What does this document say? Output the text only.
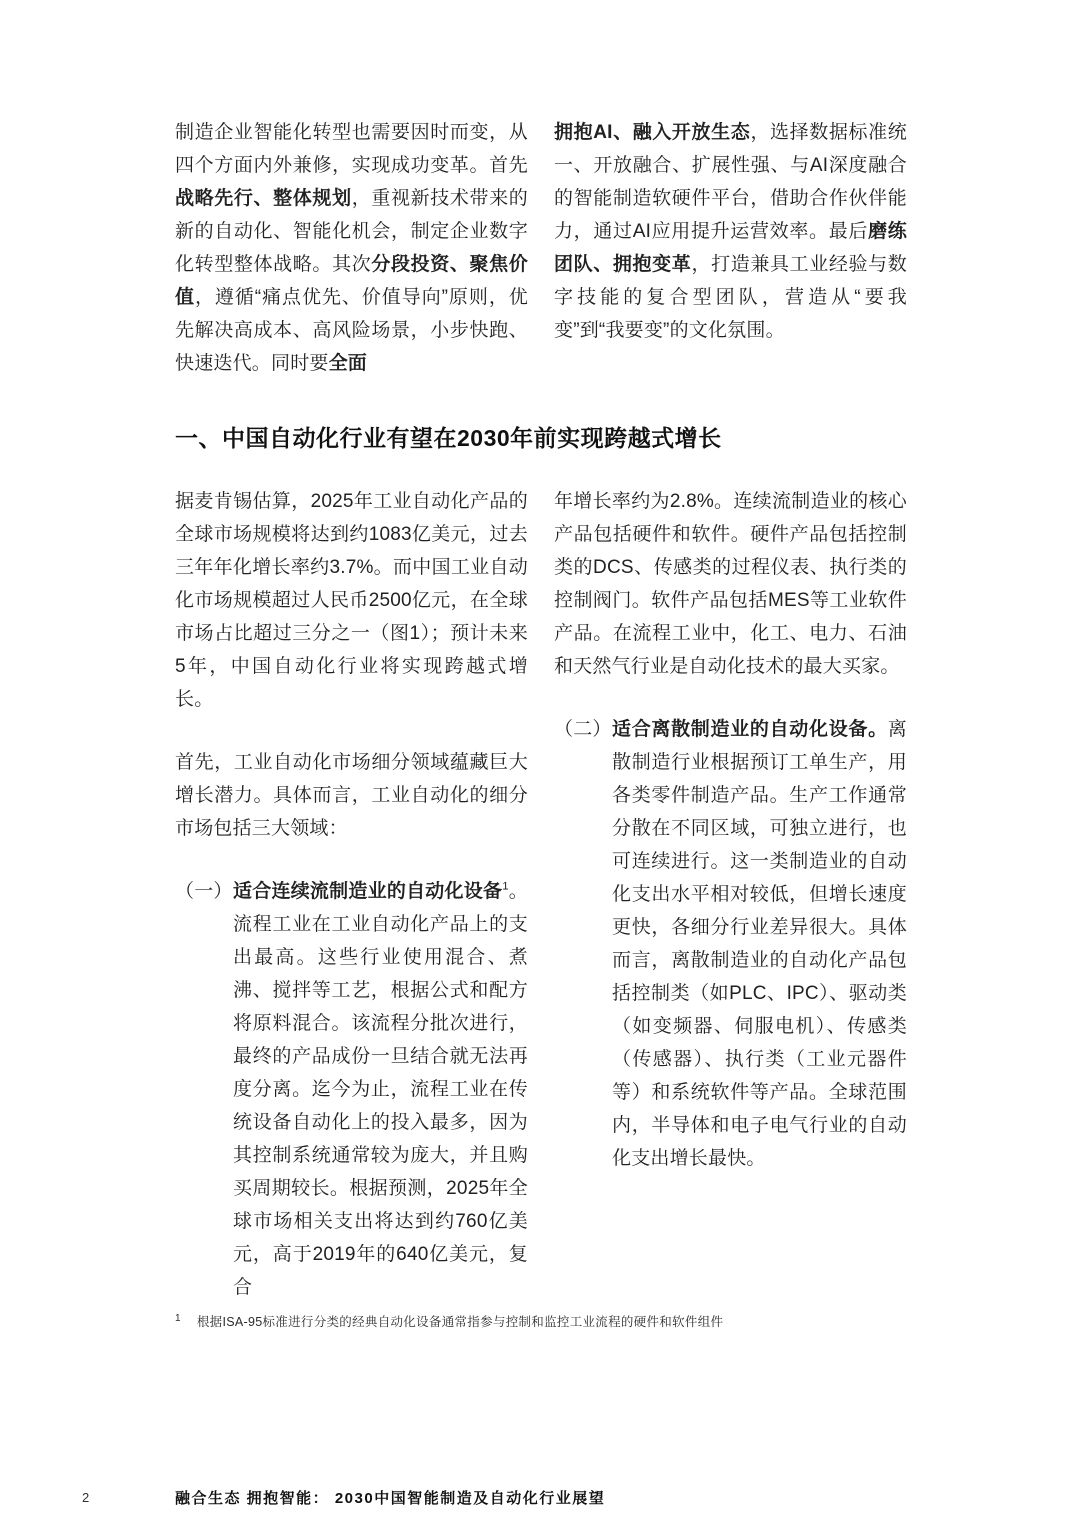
制造企业智能化转型也需要因时而变，从四个方面内外兼修，实现成功变革。首先战略先行、整体规划，重视新技术带来的新的自动化、智能化机会，制定企业数字化转型整体战略。其次分段投资、聚焦价值，遵循“痛点优先、价值导向”原则，优先解决高成本、高风险场景，小步快跑、快速迭代。同时要全面

拥抱AI、融入开放生态，选择数据标准统一、开放融合、扩展性强、与AI深度融合的智能制造软硬件平台，借助合作伙伴能力，通过AI应用提升运营效率。最后磨练团队、拥抱变革，打造兼具工业经验与数字技能的复合型团队，营造从“要我变”到“我要变”的文化氛围。

一、中国自动化行业有望在2030年前实现跨越式增长

据麦肯锡估算，2025年工业自动化产品的全球市场规模将达到约1083亿美元，过去三年年化增长率约3.7%。而中国工业自动化市场规模超过人民币2500亿元，在全球市场占比超过三分之一（图1）；预计未来5年，中国自动化行业将实现跨越式增长。

首先，工业自动化市场细分领域蕴藏巨大增长潜力。具体而言，工业自动化的细分市场包括三大领域：

（一） 适合连续流制造业的自动化设备$^1$。流程工业在工业自动化产品上的支出最高。这些行业使用混合、煮沸、搅拌等工艺，根据公式和配方将原料混合。该流程分批次进行，最终的产品成份一旦结合就无法再度分离。迄今为止，流程工业在传统设备自动化上的投入最多，因为其控制系统通常较为庞大，并且购买周期较长。根据预测，2025年全球市场相关支出将达到约760亿美元，高于2019年的640亿美元，复合

年增长率约为2.8%。连续流制造业的核心产品包括硬件和软件。硬件产品包括控制类的DCS、传感类的过程仪表、执行类的控制阀门。软件产品包括MES等工业软件产品。在流程工业中，化工、电力、石油和天然气行业是自动化技术的最大买家。

（二） 适合离散制造业的自动化设备。离散制造行业根据预订工单生产，用各类零件制造产品。生产工作通常分散在不同区域，可独立进行，也可连续进行。这一类制造业的自动化支出水平相对较低，但增长速度更快，各细分行业差异很大。具体而言，离散制造业的自动化产品包括控制类（如PLC、IPC）、驱动类（如变频器、伺服电机）、传感类（传感器）、执行类（工业元器件等）和系统软件等产品。全球范围内，半导体和电子电气行业的自动化支出增长最快。

$^1$ 根据ISA-95标准进行分类的经典自动化设备通常指参与控制和监控工业流程的硬件和软件组件
2	融合生态 拥抱智能： 2030中国智能制造及自动化行业展望
